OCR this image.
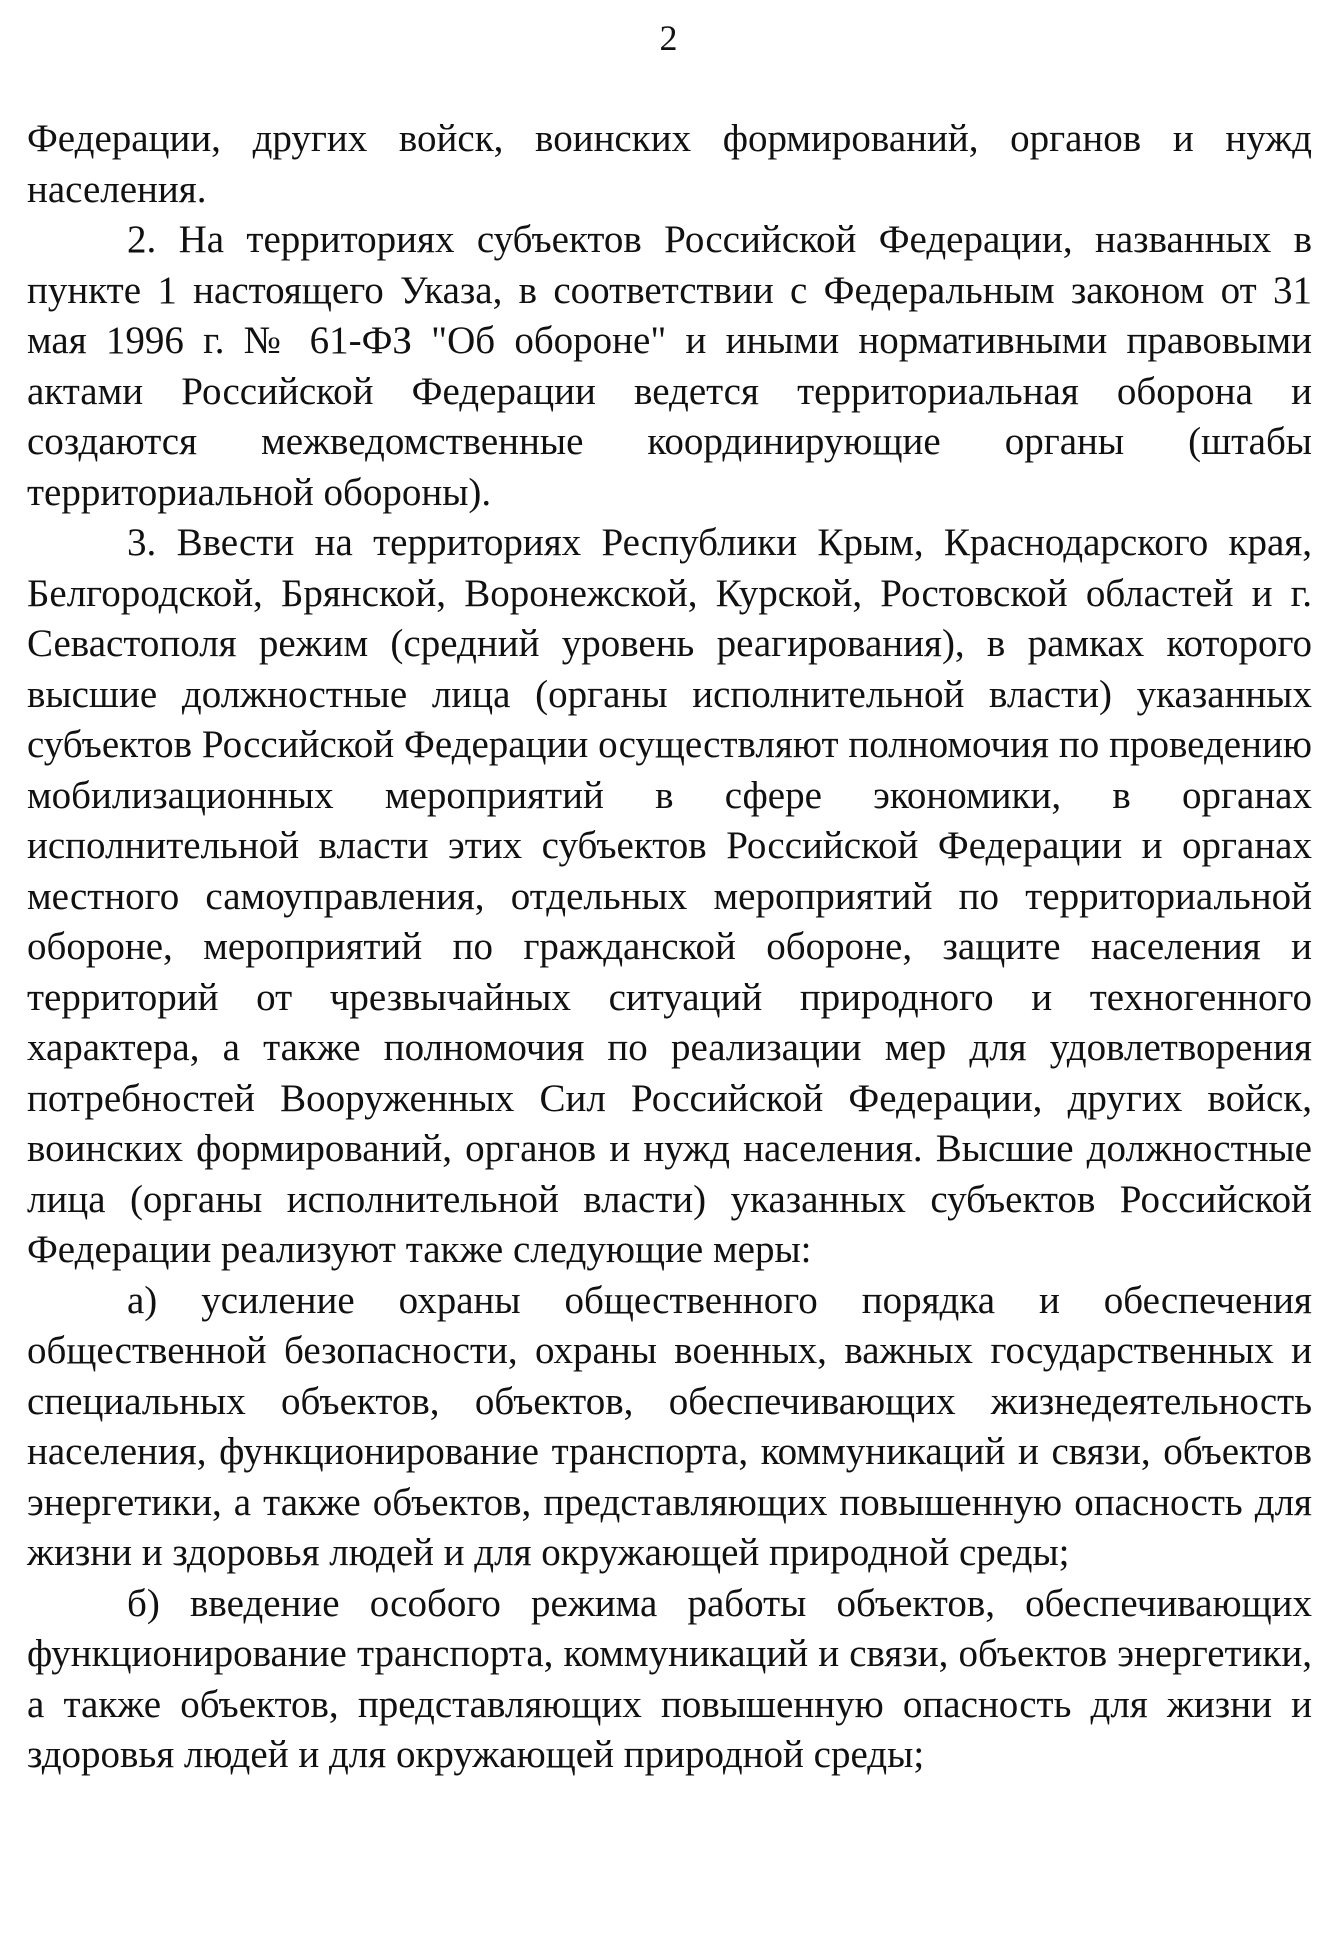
2

Федерации, других войск, воинских формирований, органов и нужд населения.

2. На территориях субъектов Российской Федерации, названных в пункте 1 настоящего Указа, в соответствии с Федеральным законом от 31 мая 1996 г. № 61-ФЗ "Об обороне" и иными нормативными правовыми актами Российской Федерации ведется территориальная оборона и создаются межведомственные координирующие органы (штабы территориальной обороны).

3. Ввести на территориях Республики Крым, Краснодарского края, Белгородской, Брянской, Воронежской, Курской, Ростовской областей и г. Севастополя режим (средний уровень реагирования), в рамках которого высшие должностные лица (органы исполнительной власти) указанных субъектов Российской Федерации осуществляют полномочия по проведению мобилизационных мероприятий в сфере экономики, в органах исполнительной власти этих субъектов Российской Федерации и органах местного самоуправления, отдельных мероприятий по территориальной обороне, мероприятий по гражданской обороне, защите населения и территорий от чрезвычайных ситуаций природного и техногенного характера, а также полномочия по реализации мер для удовлетворения потребностей Вооруженных Сил Российской Федерации, других войск, воинских формирований, органов и нужд населения. Высшие должностные лица (органы исполнительной власти) указанных субъектов Российской Федерации реализуют также следующие меры:

а) усиление охраны общественного порядка и обеспечения общественной безопасности, охраны военных, важных государственных и специальных объектов, объектов, обеспечивающих жизнедеятельность населения, функционирование транспорта, коммуникаций и связи, объектов энергетики, а также объектов, представляющих повышенную опасность для жизни и здоровья людей и для окружающей природной среды;

б) введение особого режима работы объектов, обеспечивающих функционирование транспорта, коммуникаций и связи, объектов энергетики, а также объектов, представляющих повышенную опасность для жизни и здоровья людей и для окружающей природной среды;
